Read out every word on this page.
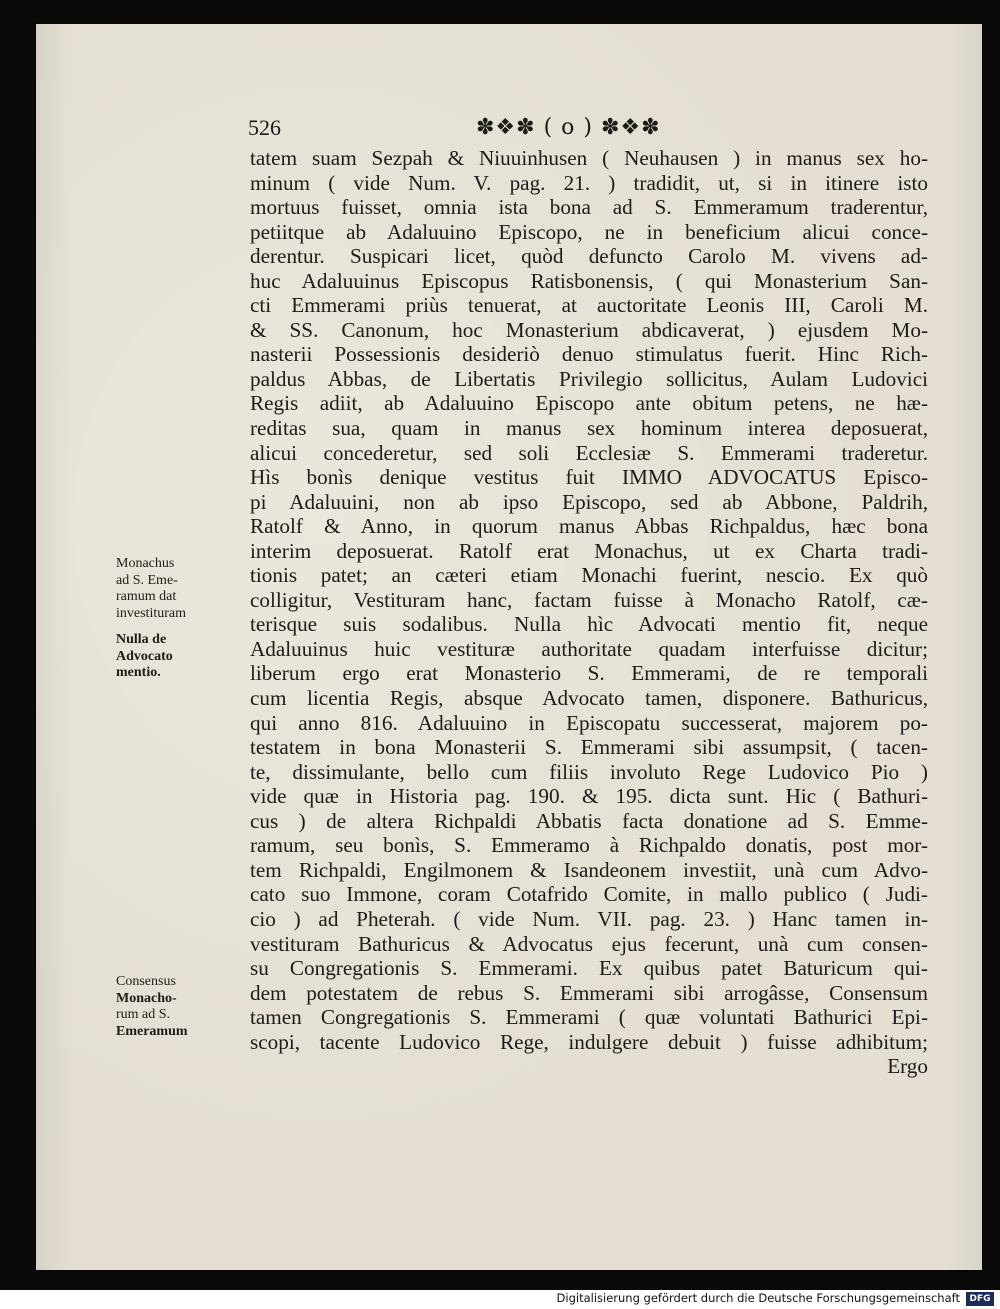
526	✽❖✽ ( o ) ✽❖✽
tatem suam Sezpah & Niuuinhusen ( Neuhausen ) in manus sex ho-
minum ( vide Num. V. pag. 21. ) tradidit, ut, si in itinere isto
mortuus fuisset, omnia ista bona ad S. Emmeramum traderentur,
petiitque ab Adaluuino Episcopo, ne in beneficium alicui conce-
derentur. Suspicari licet, quòd defuncto Carolo M. vivens ad-
huc Adaluuinus Episcopus Ratisbonensis, ( qui Monasterium San-
cti Emmerami priùs tenuerat, at auctoritate Leonis III, Caroli M.
& SS. Canonum, hoc Monasterium abdicaverat, ) ejusdem Mo-
nasterii Possessionis desideriò denuo stimulatus fuerit. Hinc Rich-
paldus Abbas, de Libertatis Privilegio sollicitus, Aulam Ludovici
Regis adiit, ab Adaluuino Episcopo ante obitum petens, ne hæ-
reditas sua, quam in manus sex hominum interea deposuerat,
alicui concederetur, sed soli Ecclesiæ S. Emmerami traderetur.
Hìs bonìs denique vestitus fuit IMMO ADVOCATUS Episco-
pi Adaluuini, non ab ipso Episcopo, sed ab Abbone, Paldrih,
Ratolf & Anno, in quorum manus Abbas Richpaldus, hæc bona
interim deposuerat. Ratolf erat Monachus, ut ex Charta tradi-
tionis patet; an cæteri etiam Monachi fuerint, nescio. Ex quò
colligitur, Vestituram hanc, factam fuisse à Monacho Ratolf, cæ-
terisque suis sodalibus. Nulla hìc Advocati mentio fit, neque
Adaluuinus huic vestituræ authoritate quadam interfuisse dicitur;
liberum ergo erat Monasterio S. Emmerami, de re temporali
cum licentia Regis, absque Advocato tamen, disponere. Bathuricus,
qui anno 816. Adaluuino in Episcopatu successerat, majorem po-
testatem in bona Monasterii S. Emmerami sibi assumpsit, ( tacen-
te, dissimulante, bello cum filiis involuto Rege Ludovico Pio )
vide quæ in Historia pag. 190. & 195. dicta sunt. Hic ( Bathuri-
cus ) de altera Richpaldi Abbatis facta donatione ad S. Emme-
ramum, seu bonìs, S. Emmeramo à Richpaldo donatis, post mor-
tem Richpaldi, Engilmonem & Isandeonem investiit, unà cum Advo-
cato suo Immone, coram Cotafrido Comite, in mallo publico ( Judi-
cio ) ad Pheterah. ( vide Num. VII. pag. 23. ) Hanc tamen in-
vestituram Bathuricus & Advocatus ejus fecerunt, unà cum consen-
su Congregationis S. Emmerami. Ex quibus patet Baturicum qui-
dem potestatem de rebus S. Emmerami sibi arrogâsse, Consensum
tamen Congregationis S. Emmerami ( quæ voluntati Bathurici Epi-
scopi, tacente Ludovico Rege, indulgere debuit ) fuisse adhibitum;
Ergo
Monachus
ad S. Eme-
ramum dat
investituram
Nulla de
Advocato
mentio.
Consensus
Monacho-
rum ad S.
Emeramum
Digitalisierung gefördert durch die Deutsche Forschungsgemeinschaft	DFG
